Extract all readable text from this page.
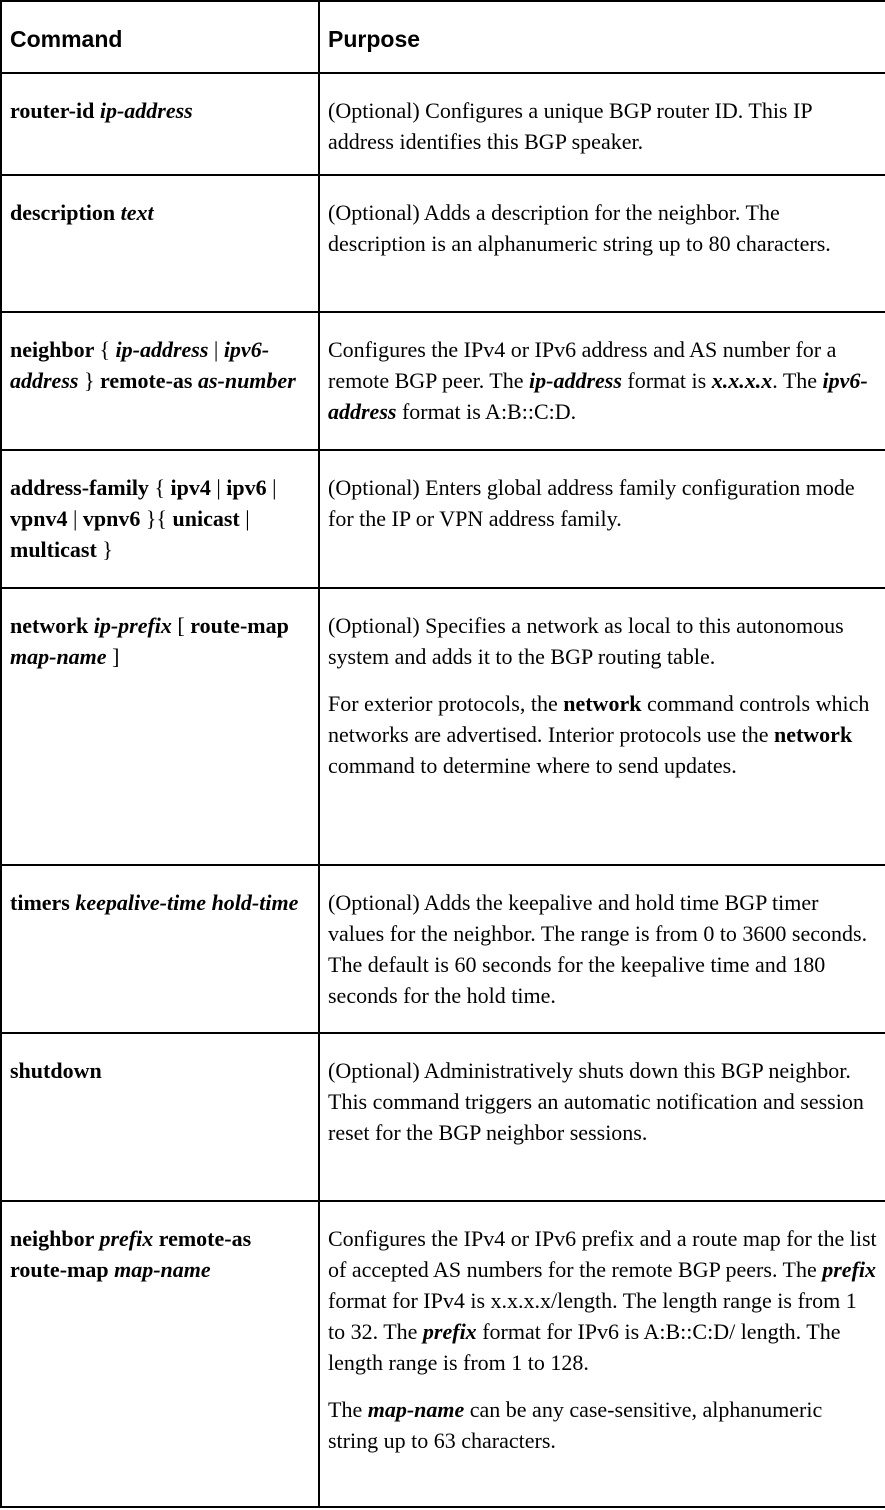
Command	Purpose
router-id ip-address	(Optional) Configures a unique BGP router ID. This IP address identifies this BGP speaker.

description text	(Optional) Adds a description for the neighbor. The description is an alphanumeric string up to 80 characters.

neighbor { ip-address | ipv6-address } remote-as as-number	Configures the IPv4 or IPv6 address and AS number for a remote BGP peer. The ip-address format is x.x.x.x. The ipv6-address format is A:B::C:D.

address-family { ipv4 | ipv6 | vpnv4 | vpnv6 }{ unicast | multicast }	(Optional) Enters global address family configuration mode for the IP or VPN address family.

network ip-prefix [ route-map map-name ]	(Optional) Specifies a network as local to this autonomous system and adds it to the BGP routing table.

For exterior protocols, the network command controls which networks are advertised. Interior protocols use the network command to determine where to send updates.

timers keepalive-time hold-time	(Optional) Adds the keepalive and hold time BGP timer values for the neighbor. The range is from 0 to 3600 seconds. The default is 60 seconds for the keepalive time and 180 seconds for the hold time.

shutdown	(Optional) Administratively shuts down this BGP neighbor. This command triggers an automatic notification and session reset for the BGP neighbor sessions.

neighbor prefix remote-as route-map map-name	Configures the IPv4 or IPv6 prefix and a route map for the list of accepted AS numbers for the remote BGP peers. The prefix format for IPv4 is x.x.x.x/length. The length range is from 1 to 32. The prefix format for IPv6 is A:B::C:D/ length. The length range is from 1 to 128.

The map-name can be any case-sensitive, alphanumeric string up to 63 characters.
